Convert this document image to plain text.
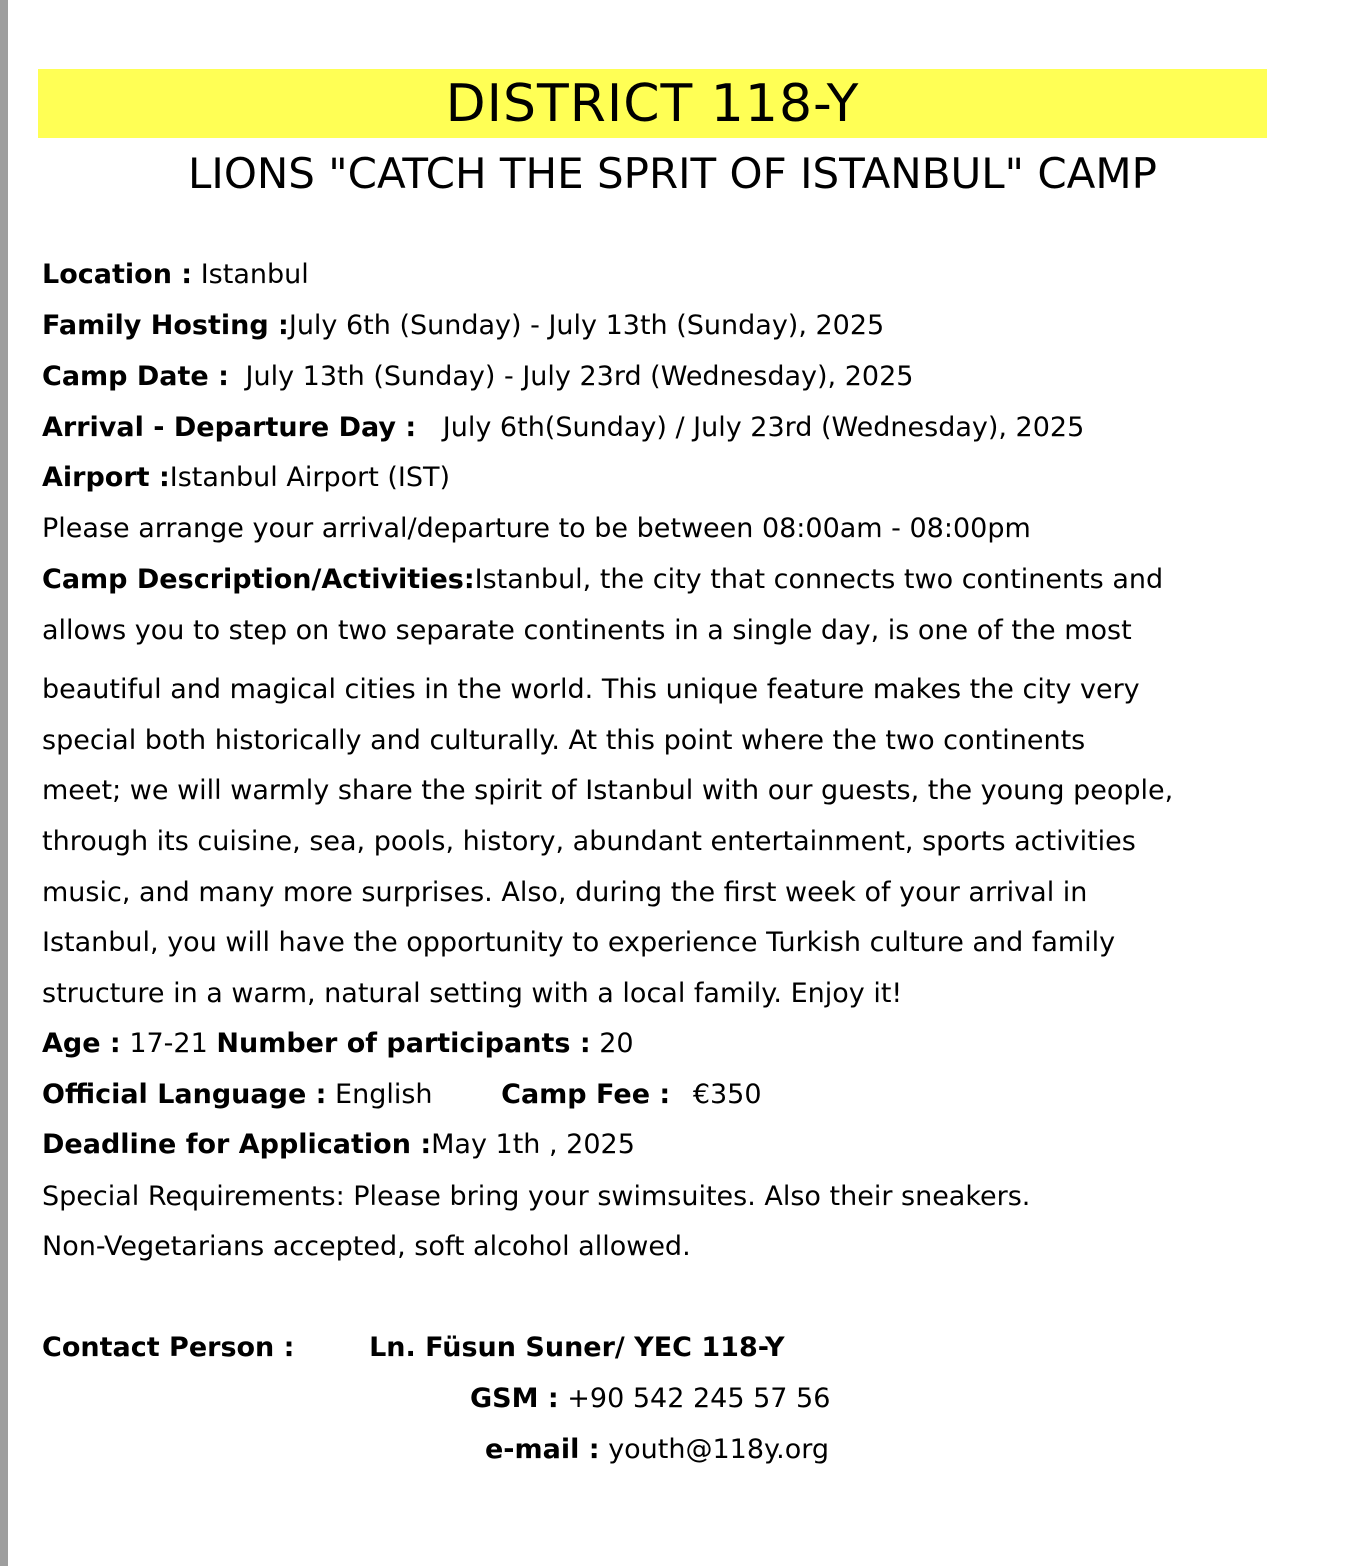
DISTRICT 118-Y
LIONS "CATCH THE SPRIT OF ISTANBUL" CAMP
Location : Istanbul
Family Hosting :July 6th (Sunday) - July 13th (Sunday), 2025
Camp Date : July 13th (Sunday) - July 23rd (Wednesday), 2025
Arrival - Departure Day : July 6th(Sunday) / July 23rd (Wednesday), 2025
Airport :Istanbul Airport (IST)
Please arrange your arrival/departure to be between 08:00am - 08:00pm
Camp Description/Activities:Istanbul, the city that connects two continents and
allows you to step on two separate continents in a single day, is one of the most
beautiful and magical cities in the world. This unique feature makes the city very
special both historically and culturally. At this point where the two continents
meet; we will warmly share the spirit of Istanbul with our guests, the young people,
through its cuisine, sea, pools, history, abundant entertainment, sports activities
music, and many more surprises. Also, during the first week of your arrival in
Istanbul, you will have the opportunity to experience Turkish culture and family
structure in a warm, natural setting with a local family. Enjoy it!
Age : 17-21 Number of participants : 20
Official Language : English	Camp Fee : €350
Deadline for Application :May 1th , 2025
Special Requirements: Please bring your swimsuites. Also their sneakers.
Non-Vegetarians accepted, soft alcohol allowed.
Contact Person :	Ln. Füsun Suner/ YEC 118-Y
GSM : +90 542 245 57 56
e-mail : youth@118y.org
